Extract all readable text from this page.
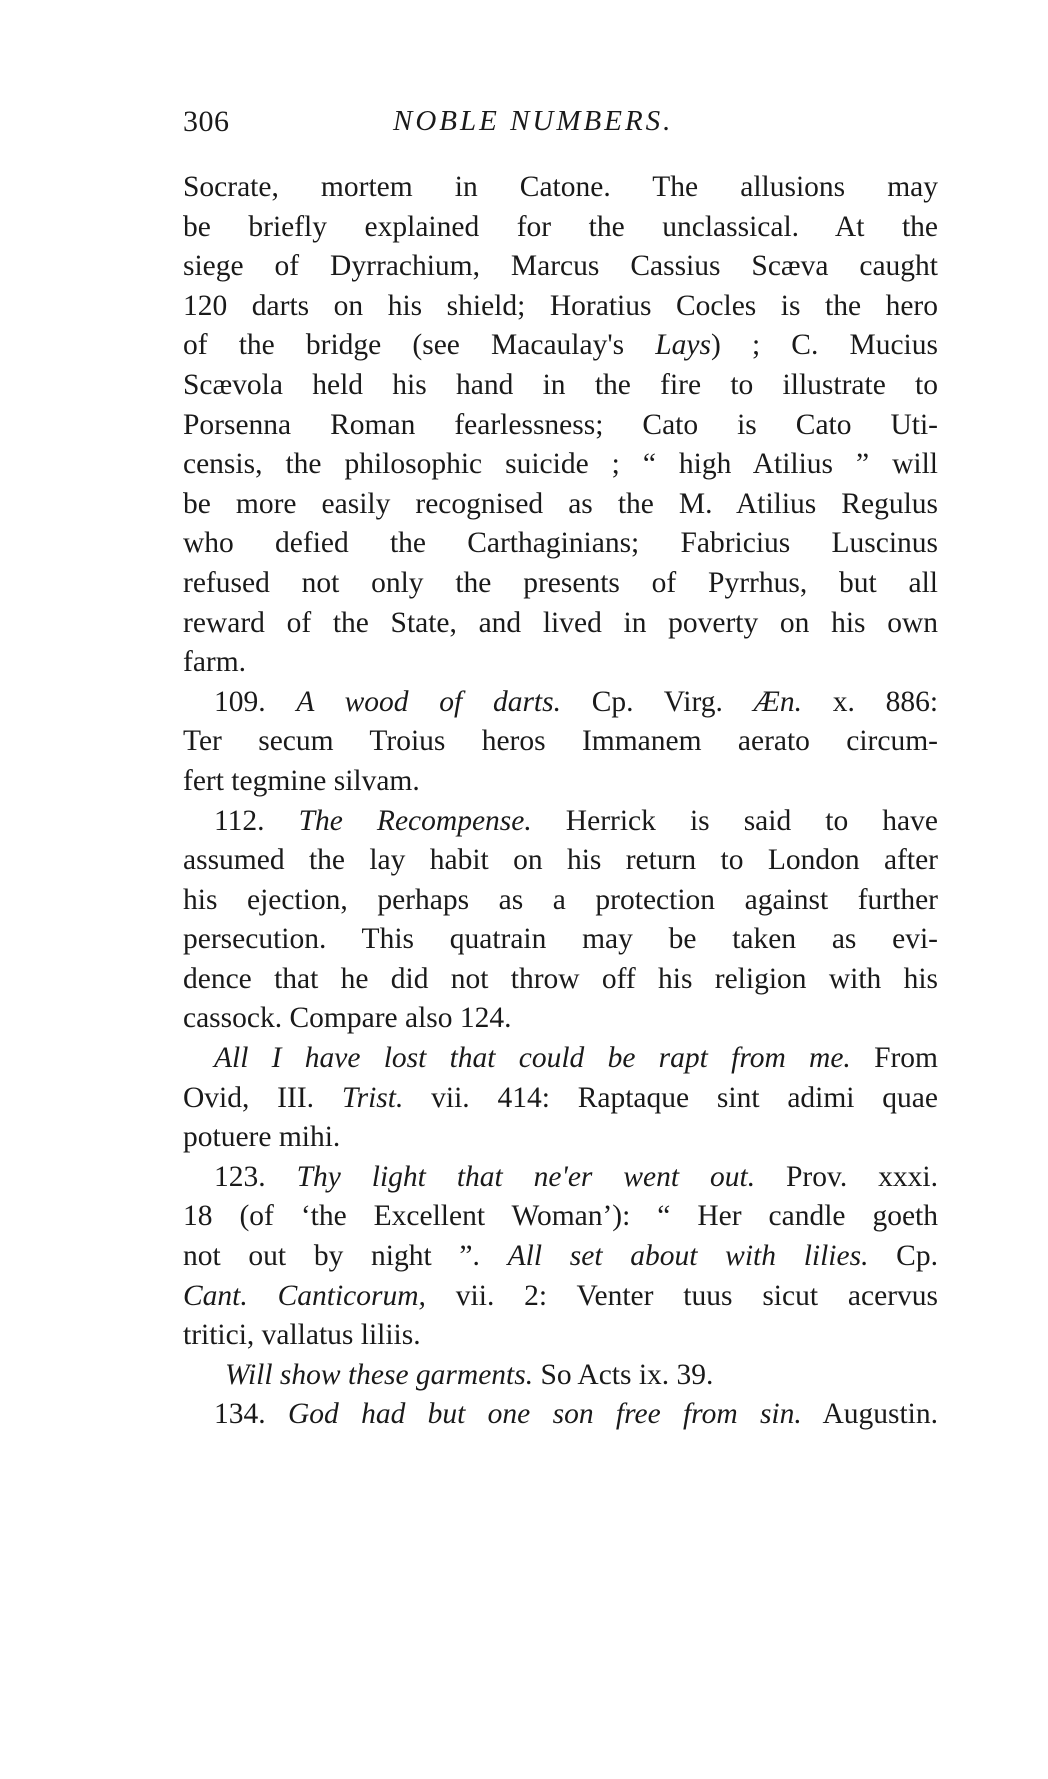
306	NOBLE NUMBERS.
Socrate, mortem in Catone. The allusions may
be briefly explained for the unclassical. At the
siege of Dyrrachium, Marcus Cassius Scæva caught
120 darts on his shield; Horatius Cocles is the hero
of the bridge (see Macaulay's Lays) ; C. Mucius
Scævola held his hand in the fire to illustrate to
Porsenna Roman fearlessness; Cato is Cato Uti-
censis, the philosophic suicide ; “ high Atilius ” will
be more easily recognised as the M. Atilius Regulus
who defied the Carthaginians; Fabricius Luscinus
refused not only the presents of Pyrrhus, but all
reward of the State, and lived in poverty on his own
farm.
109. A wood of darts. Cp. Virg. Æn. x. 886:
Ter secum Troius heros Immanem aerato circum-
fert tegmine silvam.
112. The Recompense. Herrick is said to have
assumed the lay habit on his return to London after
his ejection, perhaps as a protection against further
persecution. This quatrain may be taken as evi-
dence that he did not throw off his religion with his
cassock. Compare also 124.
All I have lost that could be rapt from me. From
Ovid, III. Trist. vii. 414: Raptaque sint adimi quae
potuere mihi.
123. Thy light that ne'er went out. Prov. xxxi.
18 (of ‘the Excellent Woman’): “ Her candle goeth
not out by night ”. All set about with lilies. Cp.
Cant. Canticorum, vii. 2: Venter tuus sicut acervus
tritici, vallatus liliis.
Will show these garments. So Acts ix. 39.
134. God had but one son free from sin. Augustin.
